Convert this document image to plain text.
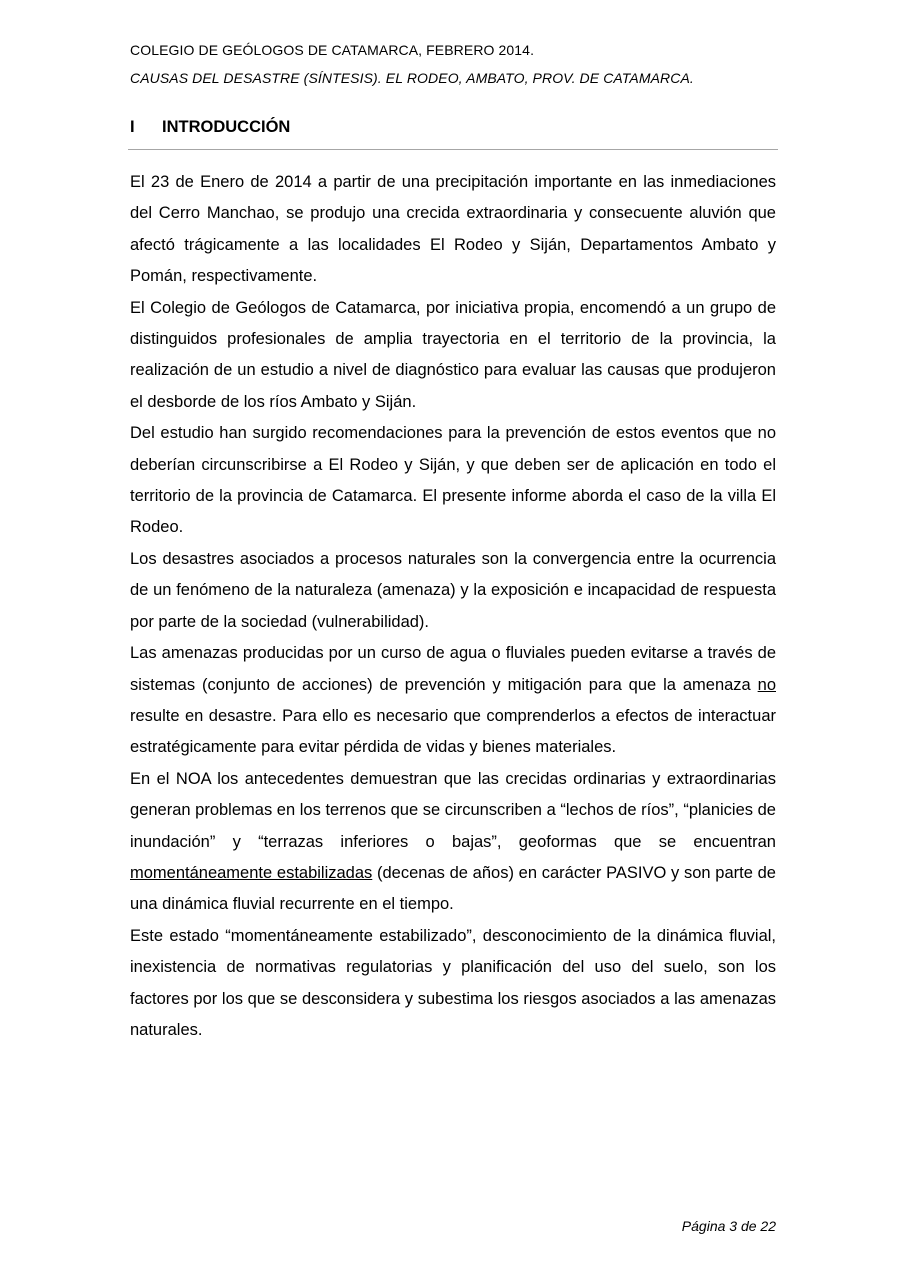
COLEGIO DE GEÓLOGOS DE CATAMARCA, FEBRERO 2014.
CAUSAS DEL DESASTRE (SÍNTESIS). EL RODEO, AMBATO, PROV. DE CATAMARCA.
I INTRODUCCIÓN

El 23 de Enero de 2014 a partir de una precipitación importante en las inmediaciones del Cerro Manchao, se produjo una crecida extraordinaria y consecuente aluvión que afectó trágicamente a las localidades El Rodeo y Siján, Departamentos Ambato y Pomán, respectivamente.

El Colegio de Geólogos de Catamarca, por iniciativa propia, encomendó a un grupo de distinguidos profesionales de amplia trayectoria en el territorio de la provincia, la realización de un estudio a nivel de diagnóstico para evaluar las causas que produjeron el desborde de los ríos Ambato y Siján.

Del estudio han surgido recomendaciones para la prevención de estos eventos que no deberían circunscribirse a El Rodeo y Siján, y que deben ser de aplicación en todo el territorio de la provincia de Catamarca. El presente informe aborda el caso de la villa El Rodeo.

Los desastres asociados a procesos naturales son la convergencia entre la ocurrencia de un fenómeno de la naturaleza (amenaza) y la exposición e incapacidad de respuesta por parte de la sociedad (vulnerabilidad).

Las amenazas producidas por un curso de agua o fluviales pueden evitarse a través de sistemas (conjunto de acciones) de prevención y mitigación para que la amenaza no resulte en desastre. Para ello es necesario que comprenderlos a efectos de interactuar estratégicamente para evitar pérdida de vidas y bienes materiales.

En el NOA los antecedentes demuestran que las crecidas ordinarias y extraordinarias generan problemas en los terrenos que se circunscriben a “lechos de ríos”, “planicies de inundación” y “terrazas inferiores o bajas”, geoformas que se encuentran momentáneamente estabilizadas (decenas de años) en carácter PASIVO y son parte de una dinámica fluvial recurrente en el tiempo.

Este estado “momentáneamente estabilizado”, desconocimiento de la dinámica fluvial, inexistencia de normativas regulatorias y planificación del uso del suelo, son los factores por los que se desconsidera y subestima los riesgos asociados a las amenazas naturales.

Página 3 de 22
